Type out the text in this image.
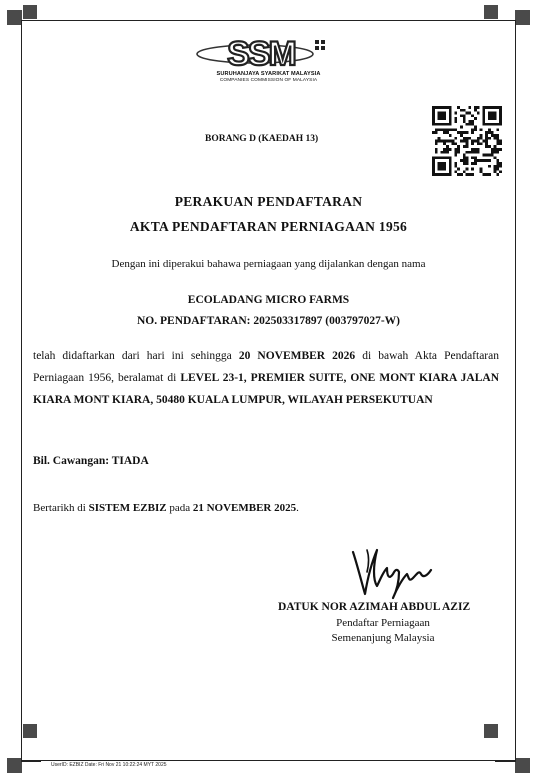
SSM
SURUHANJAYA SYARIKAT MALAYSIA
COMPANIES COMMISSION OF MALAYSIA
BORANG D (KAEDAH 13)
PERAKUAN PENDAFTARAN
AKTA PENDAFTARAN PERNIAGAAN 1956
Dengan ini diperakui bahawa perniagaan yang dijalankan dengan nama
ECOLADANG MICRO FARMS
NO. PENDAFTARAN: 202503317897 (003797027-W)
telah didaftarkan dari hari ini sehingga 20 NOVEMBER 2026 di bawah Akta Pendaftaran Perniagaan 1956, beralamat di LEVEL 23-1, PREMIER SUITE, ONE MONT KIARA JALAN KIARA MONT KIARA, 50480 KUALA LUMPUR, WILAYAH PERSEKUTUAN
Bil. Cawangan: TIADA
Bertarikh di SISTEM EZBIZ pada 21 NOVEMBER 2025.
DATUK NOR AZIMAH ABDUL AZIZ
Pendaftar Perniagaan
Semenanjung Malaysia
UserID: EZBIZ Date: Fri Nov 21 10:22:24 MYT 2025
